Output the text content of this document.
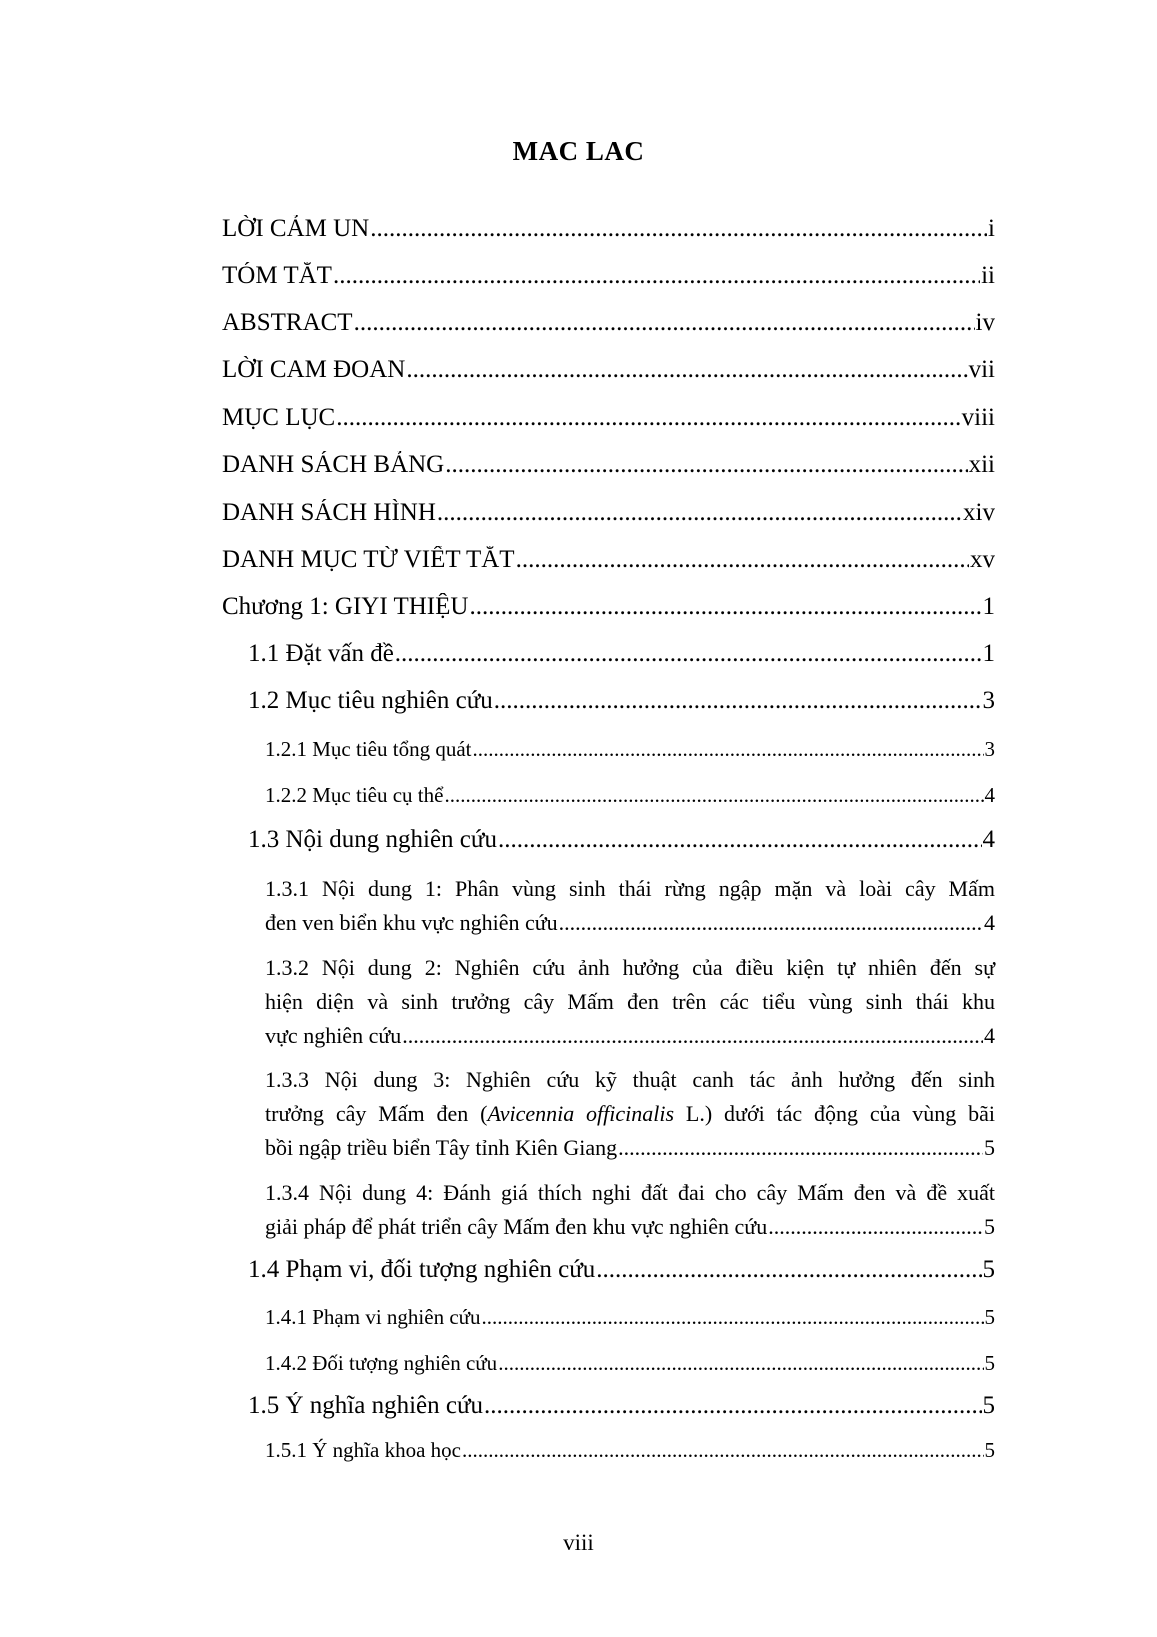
MAC LAC
LỜI CẢM UN .....	i
TÓM TẮT .....	ii
ABSTRACT .....	iv
LỜI CAM ĐOAN .....	vii
MỤC LỤC .....	viii
DANH SÁCH BẢNG .....	xii
DANH SÁCH HÌNH .....	xiv
DANH MỤC TỪ VIẾT TẮT .....	xv
Chương 1: GIYI THIỆU .....	1
1.1 Đặt vấn đề .....	1
1.2 Mục tiêu nghiên cứu .....	3
1.2.1 Mục tiêu tổng quát .....	3
1.2.2 Mục tiêu cụ thể .....	4
1.3 Nội dung nghiên cứu .....	4
1.3.1 Nội dung 1: Phân vùng sinh thái rừng ngập mặn và loài cây Mấm
đen ven biển khu vực nghiên cứu .....	4
1.3.2 Nội dung 2: Nghiên cứu ảnh hưởng của điều kiện tự nhiên đến sự
hiện diện và sinh trưởng cây Mấm đen trên các tiểu vùng sinh thái khu
vực nghiên cứu .....	4
1.3.3 Nội dung 3: Nghiên cứu kỹ thuật canh tác ảnh hưởng đến sinh
trưởng cây Mấm đen (Avicennia officinalis L.) dưới tác động của vùng bãi
bồi ngập triều biển Tây tỉnh Kiên Giang .....	5
1.3.4 Nội dung 4: Đánh giá thích nghi đất đai cho cây Mấm đen và đề xuất
giải pháp để phát triển cây Mấm đen khu vực nghiên cứu .....	5
1.4 Phạm vi, đối tượng nghiên cứu .....	5
1.4.1 Phạm vi nghiên cứu .....	5
1.4.2 Đối tượng nghiên cứu .....	5
1.5 Ý nghĩa nghiên cứu .....	5
1.5.1 Ý nghĩa khoa học .....	5
viii
